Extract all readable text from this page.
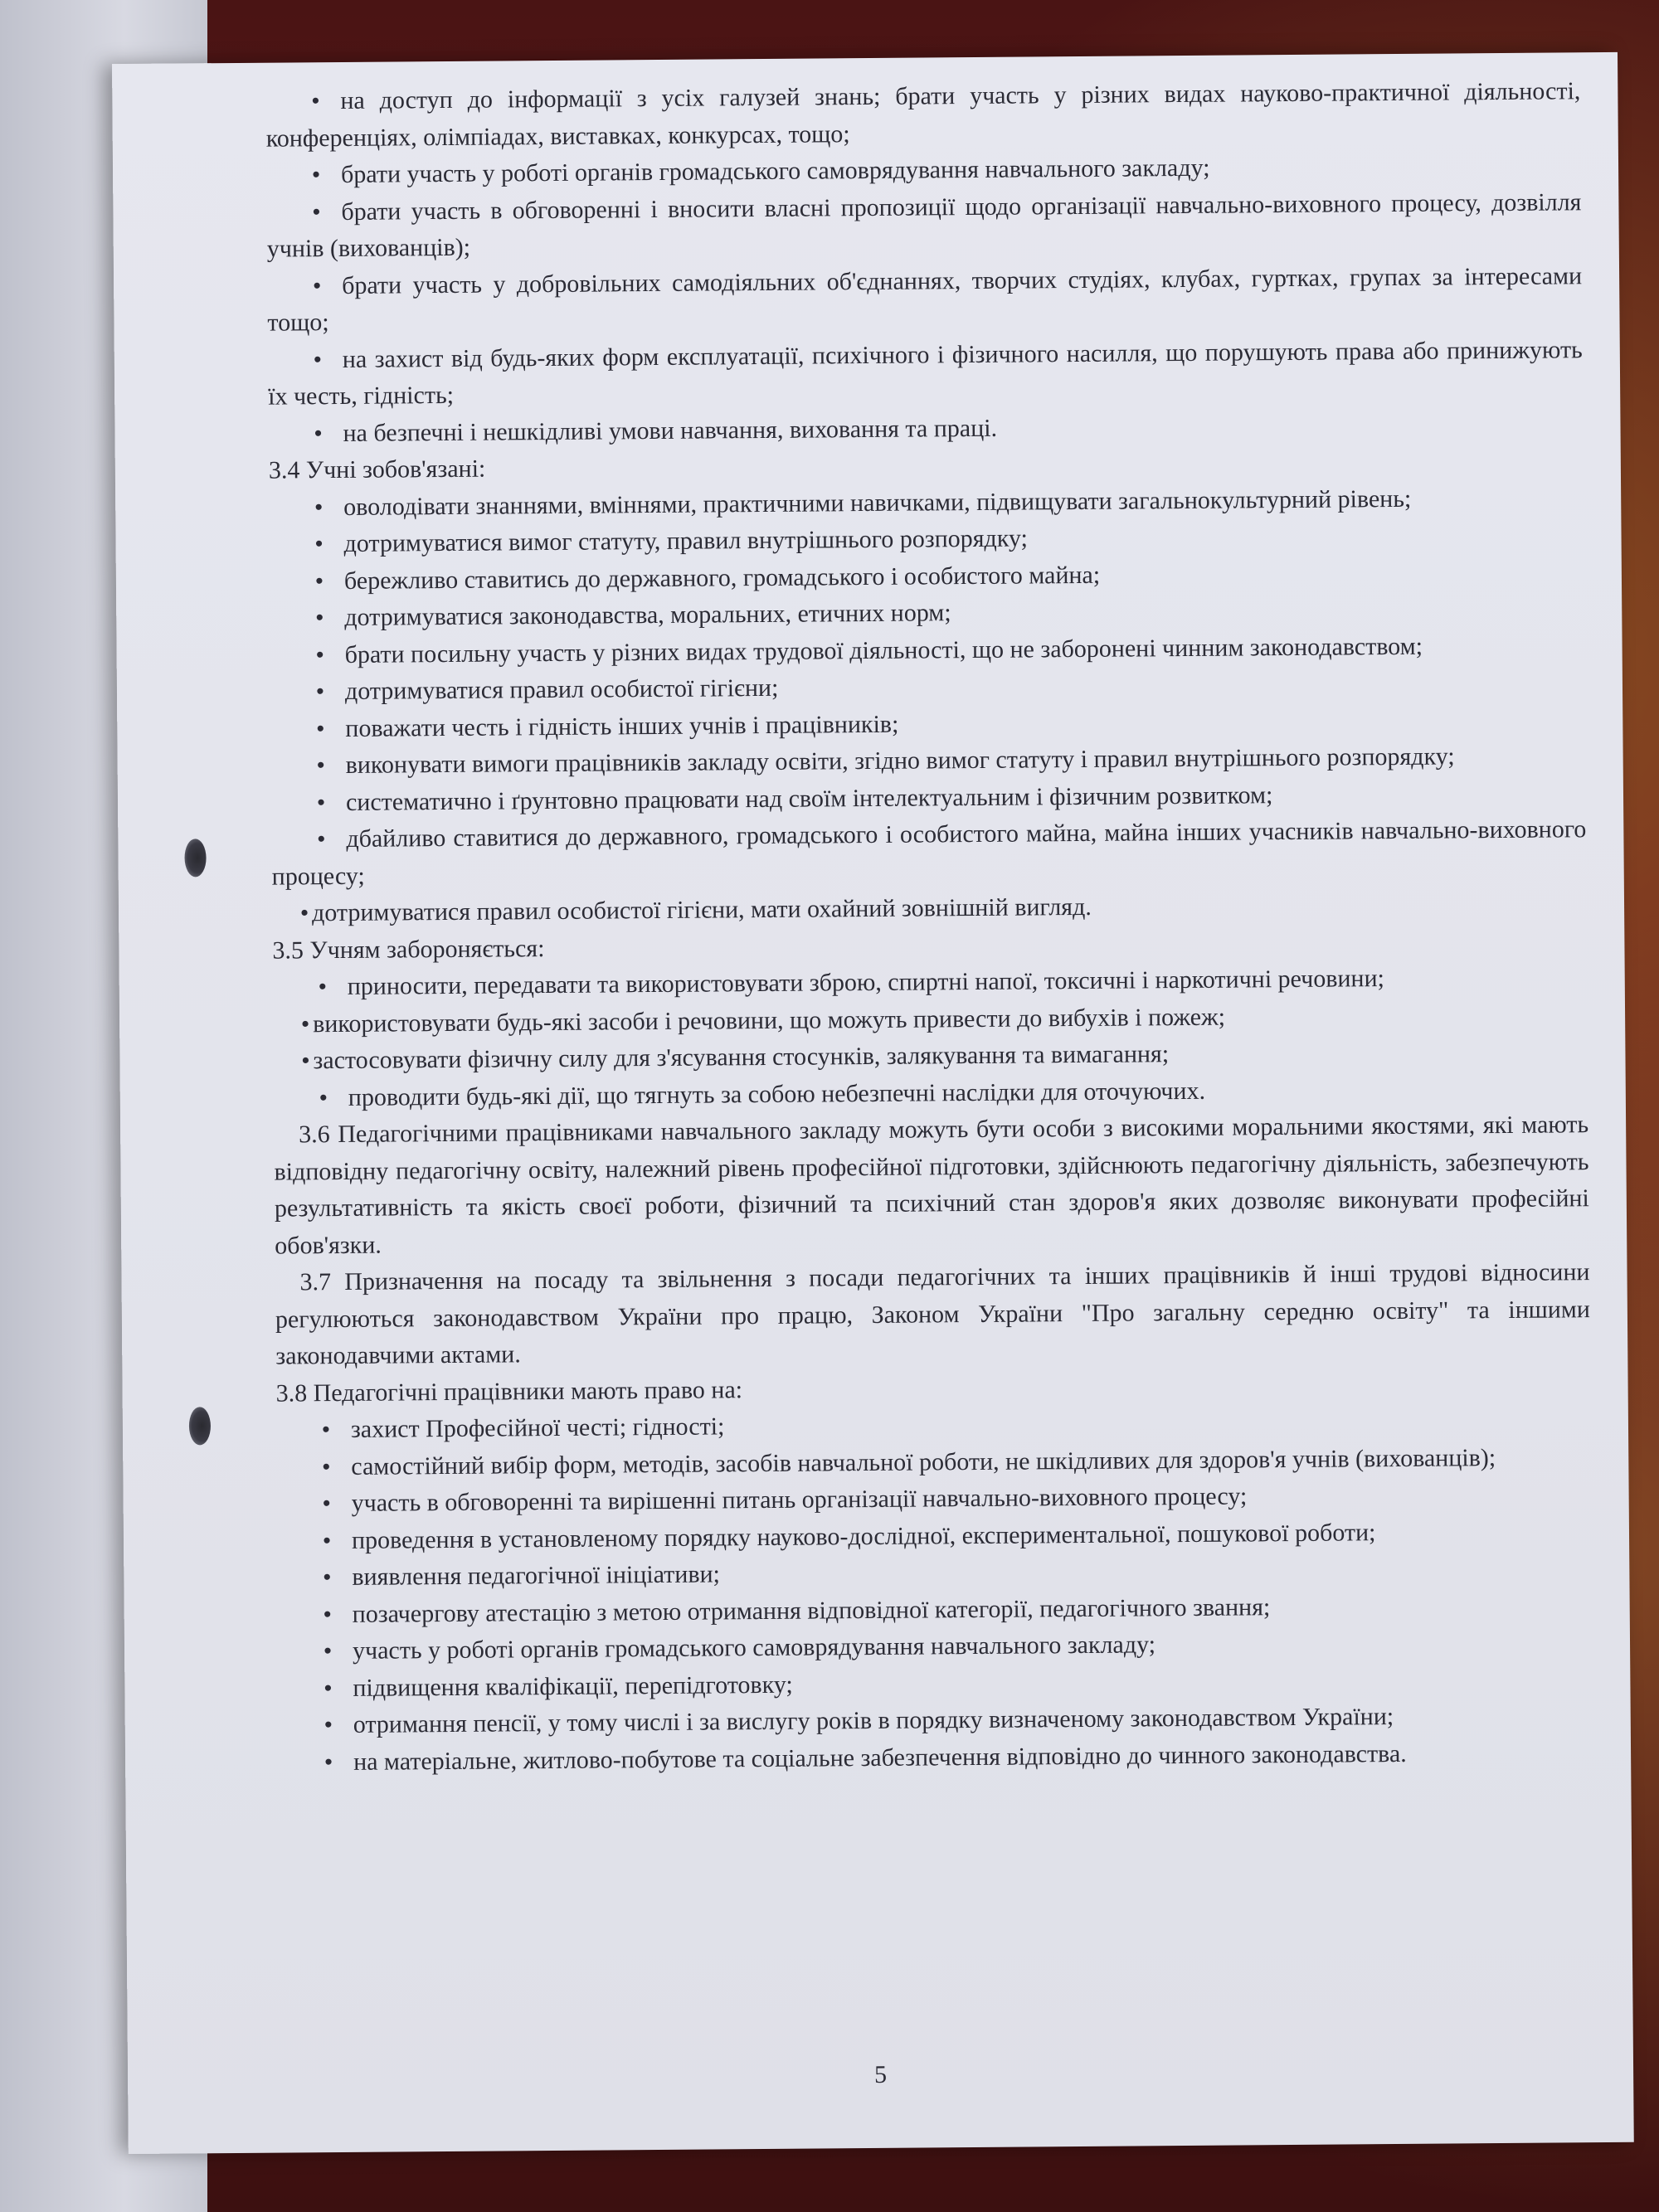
• на доступ до інформації з усіх галузей знань; брати участь у різних видах науково-практичної діяльності, конференціях, олімпіадах, виставках, конкурсах, тощо;
• брати участь у роботі органів громадського самоврядування навчального закладу;
• брати участь в обговоренні і вносити власні пропозиції щодо організації навчально-виховного процесу, дозвілля учнів (вихованців);
• брати участь у добровільних самодіяльних об'єднаннях, творчих студіях, клубах, гуртках, групах за інтересами тощо;
• на захист від будь-яких форм експлуатації, психічного і фізичного насилля, що порушують права або принижують їх честь, гідність;
• на безпечні і нешкідливі умови навчання, виховання та праці.
3.4 Учні зобов'язані:
• оволодівати знаннями, вміннями, практичними навичками, підвищувати загальнокультурний рівень;
• дотримуватися вимог статуту, правил внутрішнього розпорядку;
• бережливо ставитись до державного, громадського і особистого майна;
• дотримуватися законодавства, моральних, етичних норм;
• брати посильну участь у різних видах трудової діяльності, що не заборонені чинним законодавством;
• дотримуватися правил особистої гігієни;
• поважати честь і гідність інших учнів і працівників;
• виконувати вимоги працівників закладу освіти, згідно вимог статуту і правил внутрішнього розпорядку;
• систематично і ґрунтовно працювати над своїм інтелектуальним і фізичним розвитком;
• дбайливо ставитися до державного, громадського і особистого майна, майна інших учасників навчально-виховного процесу;
• дотримуватися правил особистої гігієни, мати охайний зовнішній вигляд.
3.5 Учням забороняється:
• приносити, передавати та використовувати зброю, спиртні напої, токсичні і наркотичні речовини;
• використовувати будь-які засоби і речовини, що можуть привести до вибухів і пожеж;
• застосовувати фізичну силу для з'ясування стосунків, залякування та вимагання;
• проводити будь-які дії, що тягнуть за собою небезпечні наслідки для оточуючих.
3.6 Педагогічними працівниками навчального закладу можуть бути особи з високими моральними якостями, які мають відповідну педагогічну освіту, належний рівень професійної підготовки, здійснюють педагогічну діяльність, забезпечують результативність та якість своєї роботи, фізичний та психічний стан здоров'я яких дозволяє виконувати професійні обов'язки.
3.7 Призначення на посаду та звільнення з посади педагогічних та інших працівників й інші трудові відносини регулюються законодавством України про працю, Законом України "Про загальну середню освіту" та іншими законодавчими актами.
3.8 Педагогічні працівники мають право на:
• захист Професійної честі; гідності;
• самостійний вибір форм, методів, засобів навчальної роботи, не шкідливих для здоров'я учнів (вихованців);
• участь в обговоренні та вирішенні питань організації навчально-виховного процесу;
• проведення в установленому порядку науково-дослідної, експериментальної, пошукової роботи;
• виявлення педагогічної ініціативи;
• позачергову атестацію з метою отримання відповідної категорії, педагогічного звання;
• участь у роботі органів громадського самоврядування навчального закладу;
• підвищення кваліфікації, перепідготовку;
• отримання пенсії, у тому числі і за вислугу років в порядку визначеному законодавством України;
• на матеріальне, житлово-побутове та соціальне забезпечення відповідно до чинного законодавства.
5
